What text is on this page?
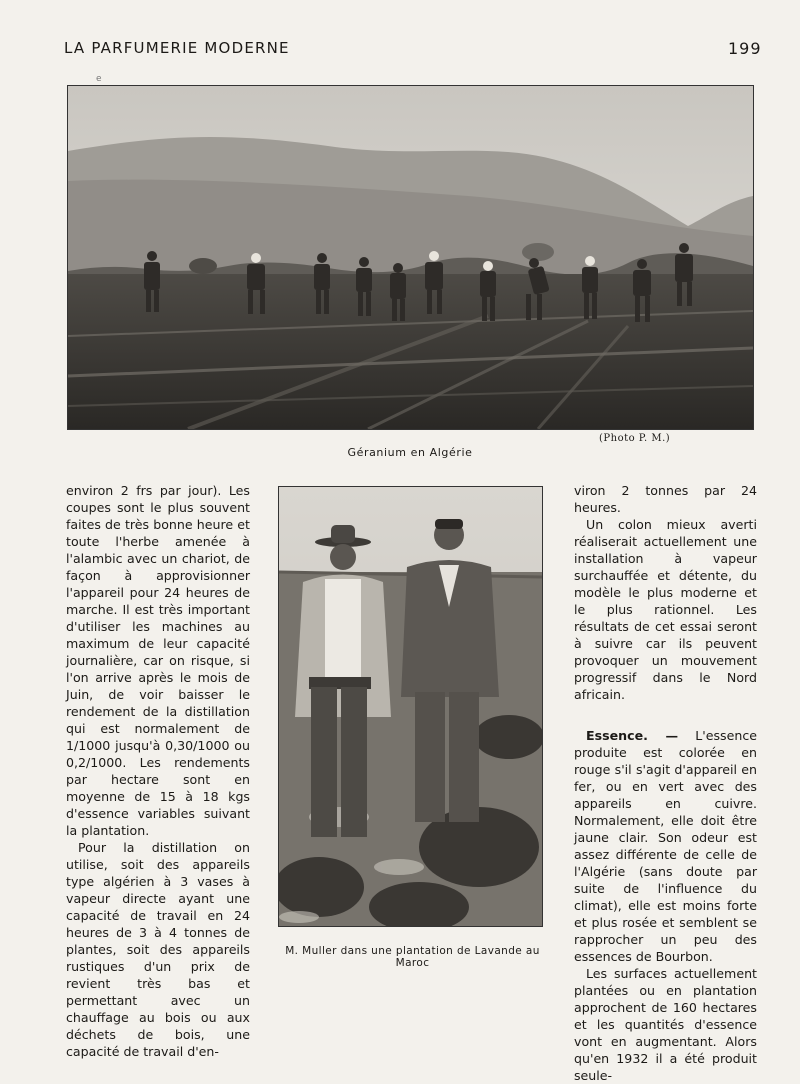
LA PARFUMERIE MODERNE	199
e
(Photo P. M.)
Géranium en Algérie

environ 2 frs par jour). Les coupes sont le plus souvent faites de très bonne heure et toute l'herbe amenée à l'alambic avec un chariot, de façon à approvisionner l'appareil pour 24 heures de marche. Il est très important d'utiliser les machines au maximum de leur capacité journalière, car on risque, si l'on arrive après le mois de Juin, de voir baisser le rendement de la distillation qui est normalement de 1/1000 jusqu'à 0,30/1000 ou 0,2/1000. Les rendements par hectare sont en moyenne de 15 à 18 kgs d'essence variables suivant la plantation.

Pour la distillation on utilise, soit des appareils type algérien à 3 vases à vapeur directe ayant une capacité de travail en 24 heures de 3 à 4 tonnes de plantes, soit des appareils rustiques d'un prix de revient très bas et permettant avec un chauffage au bois ou aux déchets de bois, une capacité de travail d'en-

M. Muller dans une plantation de Lavande au Maroc

viron 2 tonnes par 24 heures.

Un colon mieux averti réaliserait actuellement une installation à vapeur surchauffée et détente, du modèle le plus moderne et le plus rationnel. Les résultats de cet essai seront à suivre car ils peuvent provoquer un mouvement progressif dans le Nord africain.

Essence. — L'essence produite est colorée en rouge s'il s'agit d'appareil en fer, ou en vert avec des appareils en cuivre. Normalement, elle doit être jaune clair. Son odeur est assez différente de celle de l'Algérie (sans doute par suite de l'influence du climat), elle est moins forte et plus rosée et semblent se rapprocher un peu des essences de Bourbon.

Les surfaces actuellement plantées ou en plantation approchent de 160 hectares et les quantités d'essence vont en augmentant. Alors qu'en 1932 il a été produit seule-
